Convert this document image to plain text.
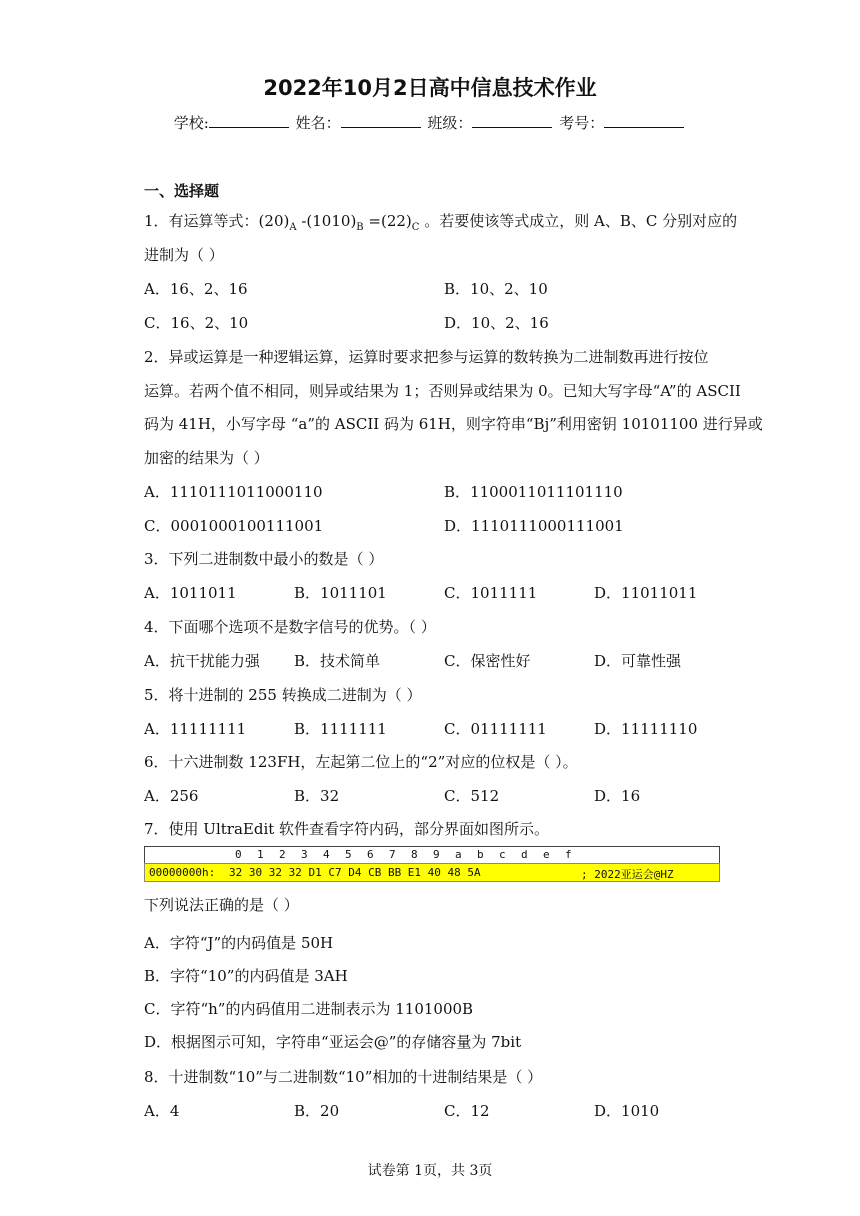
2022年10月2日高中信息技术作业
学校:	姓名：	班级：	考号：
一、选择题
1．有运算等式：$(20)_A$ $-(1010)_B =(22)_C$ 。若要使该等式成立，则 A、B、C 分别对应的
进制为（ ）
A．16、2、16	B．10、2、10
C．16、2、10	D．10、2、16
2．异或运算是一种逻辑运算，运算时要求把参与运算的数转换为二进制数再进行按位
运算。若两个值不相同，则异或结果为 1；否则异或结果为 0。已知大写字母“A”的 ASCII
码为 41H，小写字母 “a”的 ASCII 码为 61H，则字符串“Bj”利用密钥 10101100 进行异或
加密的结果为（ ）
A．1110111011000110	B．1100011011101110
C．0001000100111001	D．1110111000111001
3．下列二进制数中最小的数是（ ）
A．1011011	B．1011101	C．1011111	D．11011011
4．下面哪个选项不是数字信号的优势。（ ）
A．抗干扰能力强 B．技术简单	C．保密性好	D．可靠性强
5．将十进制的 255 转换成二进制为（ ）
A．11111111	B．1111111	C．01111111	D．11111110
6．十六进制数 123FH，左起第二位上的“2”对应的位权是（ ）。
A．256	B．32	C．512	D．16
7．使用 UltraEdit 软件查看字符内码，部分界面如图所示。
0 1 2 3 4 5 6 7 8 9 a b c d e f
00000000h: 32 30 32 32 D1 C7 D4 CB BB E1 40 48 5A	; 2022亚运会@HZ
下列说法正确的是（ ）
A．字符“J”的内码值是 50H
B．字符“10”的内码值是 3AH
C．字符“h”的内码值用二进制表示为 1101000B
D．根据图示可知，字符串“亚运会@”的存储容量为 7bit
8．十进制数“10”与二进制数“10”相加的十进制结果是（ ）
A．4	B．20	C．12	D．1010
试卷第 1页，共 3页
